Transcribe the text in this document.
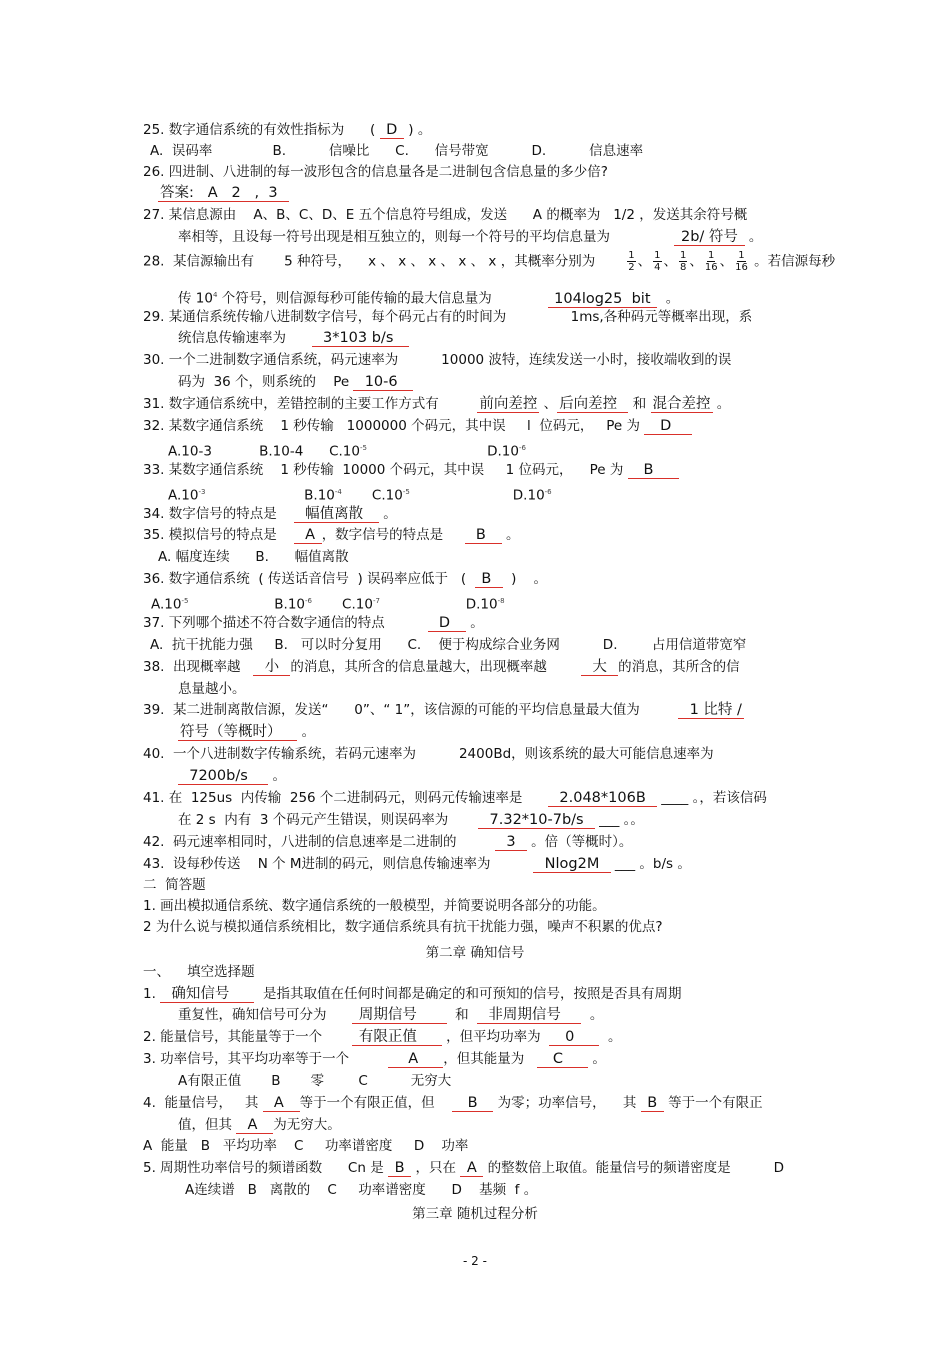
25. 数字通信系统的有效性指标为      (  D  ) 。
A.  误码率              B.          信噪比      C.      信号带宽          D.          信息速率
26. 四进制、八进制的每一波形包含的信息量各是二进制包含信息量的多少倍?
答案:   A   2   ,  3
27. 某信息源由    A、B、C、D、E 五个信息符号组成，发送      A 的概率为   1/2 ，发送其余符号概
率相等，且设每一符号出现是相互独立的，则每一个符号的平均信息量为                2b/ 符号  。
28.  某信源输出有       5 种符号，    x 、 x 、 x 、 x 、 x ，其概率分别为 $\frac{1}{2}$ 、 $\frac{1}{4}$ 、 $\frac{1}{8}$ 、 $\frac{1}{16}$ 、 $\frac{1}{16}$ 。若信源每秒
传 $10^4$ 个符号，则信源每秒可能传输的最大信息量为              104log25  bit   。
29. 某通信系统传输八进制数字信号，每个码元占有的时间为               1ms,各种码元等概率出现，系
统信息传输速率为        3*103 b/s
30. 一个二进制数字通信系统，码元速率为          10000 波特，连续发送一小时，接收端收到的误
码为  36 个，则系统的    Pe   10-6
31. 数字通信系统中，差错控制的主要工作方式有         前向差控 、 后向差控   和 混合差控 。
32. 某数字通信系统    1 秒传输   1000000 个码元，其中误     l  位码元，   Pe 为    D
A.10-3           B.10-4      $C.10^{-5}$                            $D.10^{-6}$
33. 某数字通信系统    1 秒传输  10000 个码元，其中误     1 位码元，    Pe 为    B
$A.10^{-3}$                       $B.10^{-4}$       $C.10^{-5}$                        $D.10^{-6}$
34. 数字信号的特点是      幅值离散    。
35. 模拟信号的特点是      A ，数字信号的特点是       B    。
A. 幅度连续      B.      幅值离散
36. 数字通信系统  ( 传送话音信号  ) 误码率应低于   (   B    )    。
$A.10^{-5}$                    $B.10^{-6}$       $C.10^{-7}$                    $D.10^{-8}$
37. 下列哪个描述不符合数字通信的特点            D    。
A.  抗干扰能力强     B.   可以时分复用      C.    便于构成综合业务网          D.        占用信道带宽窄
38.  出现概率越     小  的消息，其所含的信息量越大，出现概率越          大  的消息，其所含的信
息量越小。
39.  某二进制离散信源，发送“      0”、“ 1”，该信源的可能的平均信息量最大值为           1 比特 /
符号（等概时）    。
40.  一个八进制数字传输系统，若码元速率为          2400Bd，则该系统的最大可能信息速率为
7200b/s     。
41. 在  125us  内传输  256 个二进制码元，则码元传输速率是        2.048*106B   ____ 。，若该信码
在 2 s  内有  3 个码元产生错误，则误码率为         7.32*10-7b/s   ___ 。。
42.  码元速率相同时，八进制的信息速率是二进制的           3   。倍（等概时）。
43.  设每秒传送    N 个 M进制的码元，则信息传输速率为            Nlog2M   ___ 。b/s 。
二  简答题
1. 画出模拟通信系统、数字通信系统的一般模型，并简要说明各部分的功能。
2 为什么说与模拟通信系统相比，数字通信系统具有抗干扰能力强，噪声不积累的优点?
一、    填空选择题
1.   确知信号       是指其取值在任何时间都是确定的和可预知的信号，按照是否具有周期
重复性，确知信号可分为       周期信号        和    非周期信号      。
2. 能量信号，其能量等于一个        有限正值      ，但平均功率为     0       。
3. 功率信号，其平均功率等于一个             A     ，但其能量为      C      。
A有限正值       B       零        C          无穷大
4.  能量信号，   其   A   等于一个有限正值，但       B    为零；功率信号，    其  B  等于一个有限正
值，但其   A   为无穷大。
A  能量   B   平均功率    C     功率谱密度     D    功率
5. 周期性功率信号的频谱函数      Cn 是  B  ，只在  A  的整数倍上取值。能量信号的频谱密度是          D
A连续谱   B   离散的    C     功率谱密度      D    基频  f 。
第二章 确知信号
第三章 随机过程分析
- 2 -
